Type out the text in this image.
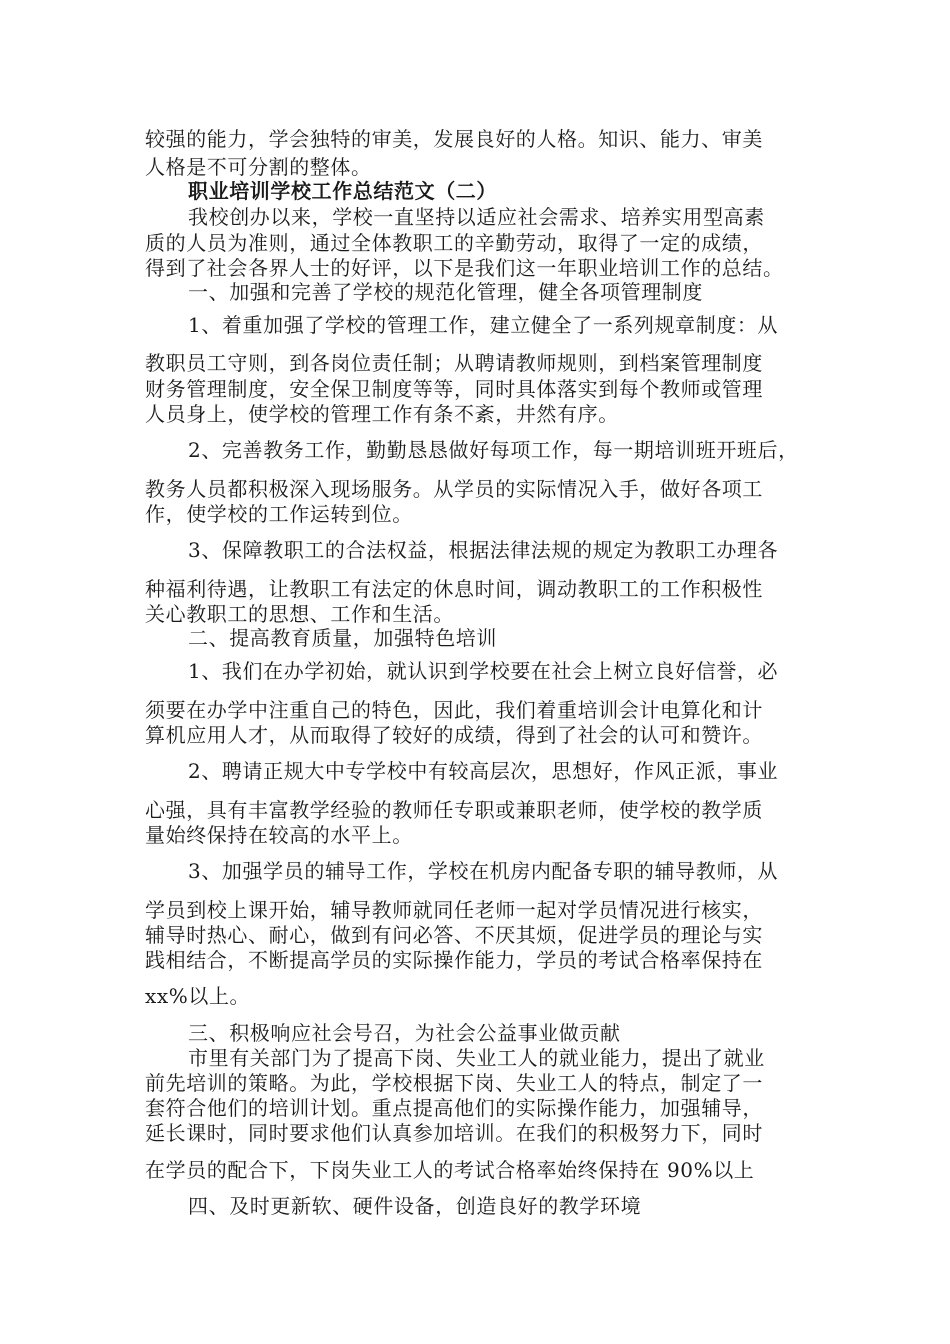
较强的能力，学会独特的审美，发展良好的人格。知识、能力、审美
人格是不可分割的整体。
职业培训学校工作总结范文（二）
我校创办以来，学校一直坚持以适应社会需求、培养实用型高素
质的人员为准则，通过全体教职工的辛勤劳动，取得了一定的成绩，
得到了社会各界人士的好评，以下是我们这一年职业培训工作的总结。
一、加强和完善了学校的规范化管理，健全各项管理制度
1、着重加强了学校的管理工作，建立健全了一系列规章制度：从
教职员工守则，到各岗位责任制；从聘请教师规则，到档案管理制度
财务管理制度，安全保卫制度等等，同时具体落实到每个教师或管理
人员身上，使学校的管理工作有条不紊，井然有序。
2、完善教务工作，勤勤恳恳做好每项工作，每一期培训班开班后，
教务人员都积极深入现场服务。从学员的实际情况入手，做好各项工
作，使学校的工作运转到位。
3、保障教职工的合法权益，根据法律法规的规定为教职工办理各
种福利待遇，让教职工有法定的休息时间，调动教职工的工作积极性
关心教职工的思想、工作和生活。
二、提高教育质量，加强特色培训
1、我们在办学初始，就认识到学校要在社会上树立良好信誉，必
须要在办学中注重自己的特色，因此，我们着重培训会计电算化和计
算机应用人才，从而取得了较好的成绩，得到了社会的认可和赞许。
2、聘请正规大中专学校中有较高层次，思想好，作风正派，事业
心强，具有丰富教学经验的教师任专职或兼职老师，使学校的教学质
量始终保持在较高的水平上。
3、加强学员的辅导工作，学校在机房内配备专职的辅导教师，从
学员到校上课开始，辅导教师就同任老师一起对学员情况进行核实，
辅导时热心、耐心，做到有问必答、不厌其烦，促进学员的理论与实
践相结合，不断提高学员的实际操作能力，学员的考试合格率保持在
xx%以上。
三、积极响应社会号召，为社会公益事业做贡献
市里有关部门为了提高下岗、失业工人的就业能力，提出了就业
前先培训的策略。为此，学校根据下岗、失业工人的特点，制定了一
套符合他们的培训计划。重点提高他们的实际操作能力，加强辅导，
延长课时，同时要求他们认真参加培训。在我们的积极努力下，同时
在学员的配合下，下岗失业工人的考试合格率始终保持在 90%以上
四、及时更新软、硬件设备，创造良好的教学环境
